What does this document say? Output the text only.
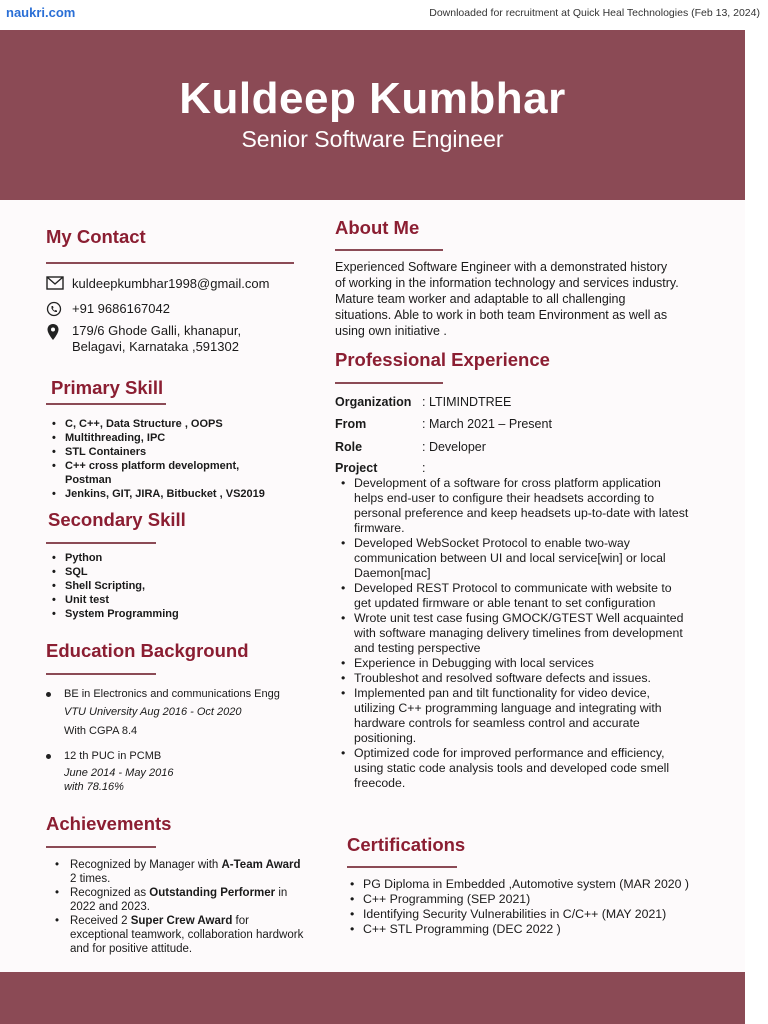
naukri.com	Downloaded for recruitment at Quick Heal Technologies (Feb 13, 2024)
Kuldeep Kumbhar
Senior Software Engineer
My Contact
kuldeepkumbhar1998@gmail.com
+91 9686167042
179/6 Ghode Galli, khanapur,
Belagavi, Karnataka ,591302
Primary Skill
• C, C++, Data Structure , OOPS
• Multithreading, IPC
• STL Containers
• C++ cross platform development, Postman
• Jenkins, GIT, JIRA, Bitbucket , VS2019
Secondary Skill
• Python
• SQL
• Shell Scripting,
• Unit test
• System Programming
Education Background
BE in Electronics and communications Engg
VTU University Aug 2016 - Oct 2020
With CGPA 8.4
12 th PUC in PCMB
June 2014 - May 2016
with 78.16%
Achievements
• Recognized by Manager with A-Team Award 2 times.
• Recognized as Outstanding Performer in 2022 and 2023.
• Received 2 Super Crew Award for exceptional teamwork, collaboration hardwork and for positive attitude.
About Me
Experienced Software Engineer with a demonstrated history of working in the information technology and services industry. Mature team worker and adaptable to all challenging situations. Able to work in both team Environment as well as using own initiative .
Professional Experience
Organization : LTIMINDTREE
From	: March 2021 – Present
Role	: Developer
Project	:
• Development of a software for cross platform application helps end-user to configure their headsets according to personal preference and keep headsets up-to-date with latest firmware.
• Developed WebSocket Protocol to enable two-way communication between UI and local service[win] or local Daemon[mac]
• Developed REST Protocol to communicate with website to get updated firmware or able tenant to set configuration
• Wrote unit test case fusing GMOCK/GTEST Well acquainted with software managing delivery timelines from development and testing perspective
• Experience in Debugging with local services
• Troubleshot and resolved software defects and issues.
• Implemented pan and tilt functionality for video device, utilizing C++ programming language and integrating with hardware controls for seamless control and accurate positioning.
• Optimized code for improved performance and efficiency, using static code analysis tools and developed code smell freecode.
Certifications
• PG Diploma in Embedded ,Automotive system (MAR 2020 )
• C++ Programming (SEP 2021)
• Identifying Security Vulnerabilities in C/C++ (MAY 2021)
• C++ STL Programming (DEC 2022 )
